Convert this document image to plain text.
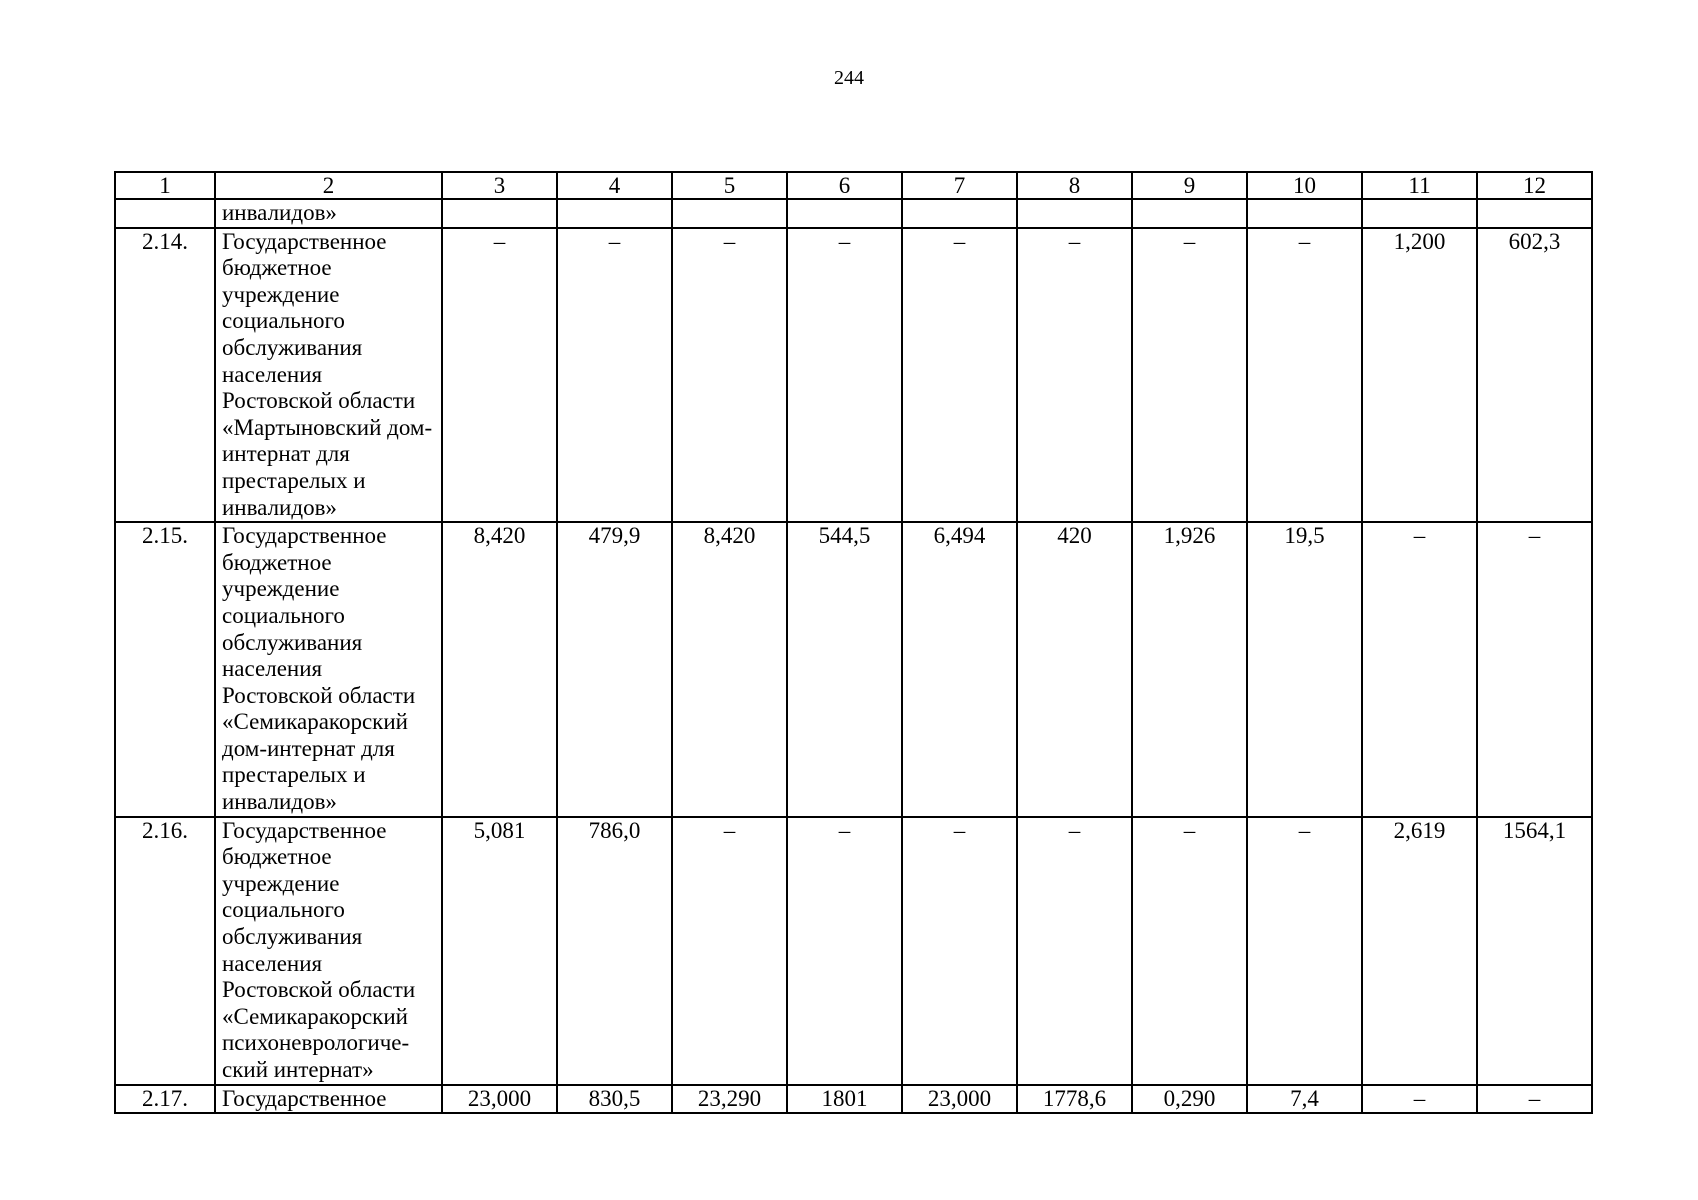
244
1	2	3	4	5	6	7	8	9	10	11	12
	инвалидов»										
2.14.	Государственное бюджетное учреждение социального обслуживания населения Ростовской области «Мартыновский дом-интернат для престарелых и инвалидов»	–	–	–	–	–	–	–	–	1,200	602,3
2.15.	Государственное бюджетное учреждение социального обслуживания населения Ростовской области «Семикаракорский дом-интернат для престарелых и инвалидов»	8,420	479,9	8,420	544,5	6,494	420	1,926	19,5	–	–
2.16.	Государственное бюджетное учреждение социального обслуживания населения Ростовской области «Семикаракорский психоневрологиче-ский интернат»	5,081	786,0	–	–	–	–	–	–	2,619	1564,1
2.17.	Государственное	23,000	830,5	23,290	1801	23,000	1778,6	0,290	7,4	–	–
